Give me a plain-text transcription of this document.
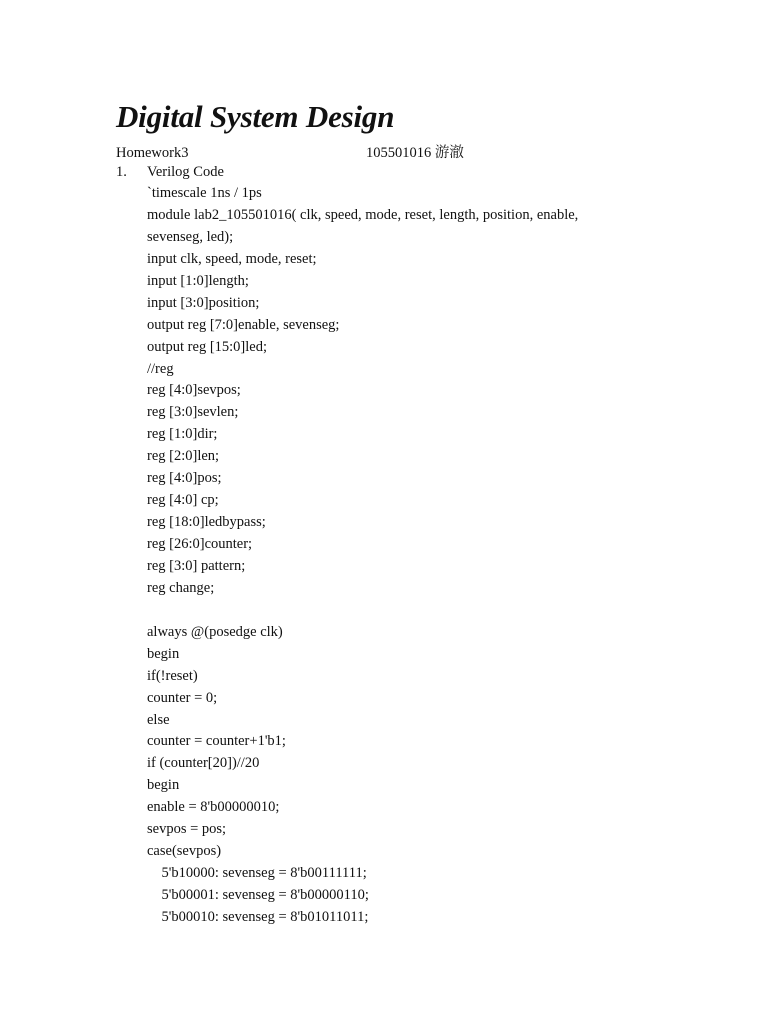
Digital System Design
Homework3	105501016 游澈
1. Verilog Code
`timescale 1ns / 1ps
module lab2_105501016( clk, speed, mode, reset, length, position, enable,
sevenseg, led);
input clk, speed, mode, reset;
input [1:0]length;
input [3:0]position;
output reg [7:0]enable, sevenseg;
output reg [15:0]led;
//reg
reg [4:0]sevpos;
reg [3:0]sevlen;
reg [1:0]dir;
reg [2:0]len;
reg [4:0]pos;
reg [4:0] cp;
reg [18:0]ledbypass;
reg [26:0]counter;
reg [3:0] pattern;
reg change;
always @(posedge clk)
begin
if(!reset)
counter = 0;
else
counter = counter+1'b1;
if (counter[20])//20
begin
enable = 8'b00000010;
sevpos = pos;
case(sevpos)
5'b10000: sevenseg = 8'b00111111;
5'b00001: sevenseg = 8'b00000110;
5'b00010: sevenseg = 8'b01011011;
